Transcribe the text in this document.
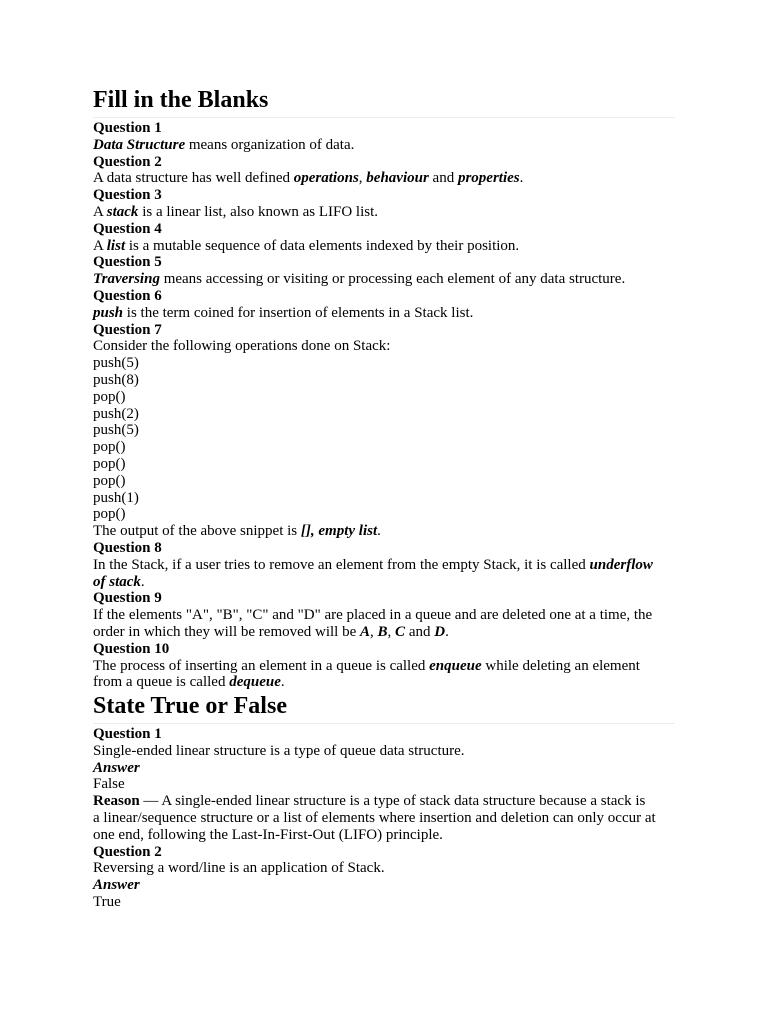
Fill in the Blanks
Question 1
Data Structure means organization of data.
Question 2
A data structure has well defined operations, behaviour and properties.
Question 3
A stack is a linear list, also known as LIFO list.
Question 4
A list is a mutable sequence of data elements indexed by their position.
Question 5
Traversing means accessing or visiting or processing each element of any data structure.
Question 6
push is the term coined for insertion of elements in a Stack list.
Question 7
Consider the following operations done on Stack:
push(5)
push(8)
pop()
push(2)
push(5)
pop()
pop()
pop()
push(1)
pop()
The output of the above snippet is [], empty list.
Question 8
In the Stack, if a user tries to remove an element from the empty Stack, it is called underflow
of stack.
Question 9
If the elements "A", "B", "C" and "D" are placed in a queue and are deleted one at a time, the
order in which they will be removed will be A, B, C and D.
Question 10
The process of inserting an element in a queue is called enqueue while deleting an element
from a queue is called dequeue.
State True or False
Question 1
Single-ended linear structure is a type of queue data structure.
Answer
False
Reason — A single-ended linear structure is a type of stack data structure because a stack is
a linear/sequence structure or a list of elements where insertion and deletion can only occur at
one end, following the Last-In-First-Out (LIFO) principle.
Question 2
Reversing a word/line is an application of Stack.
Answer
True
